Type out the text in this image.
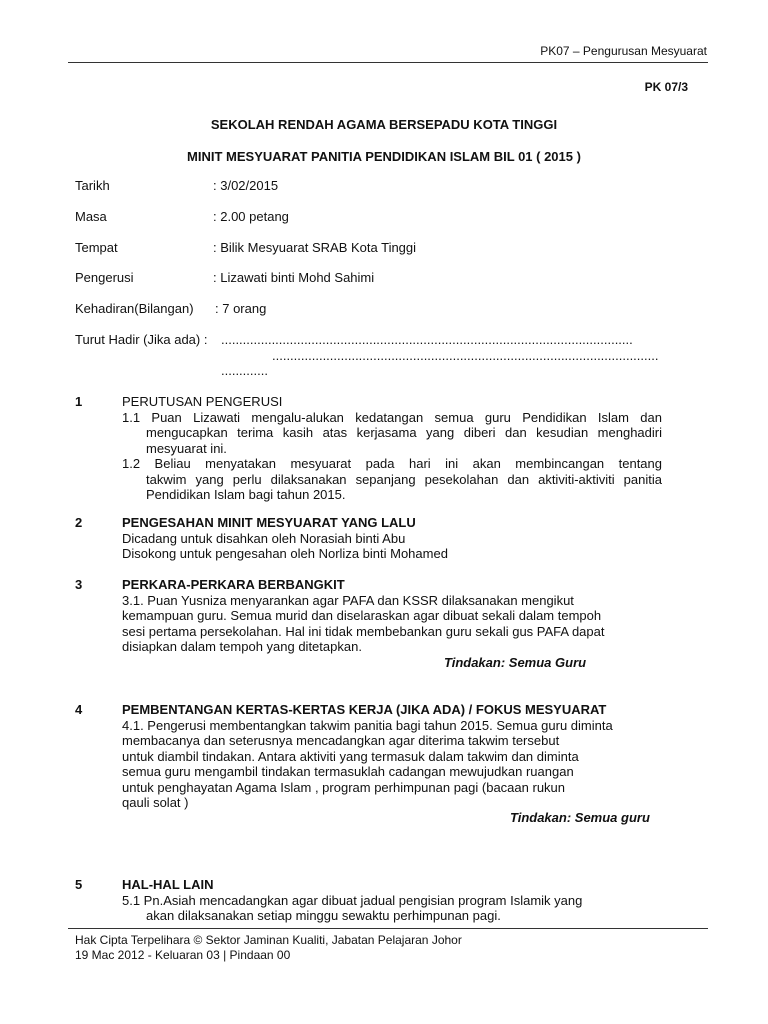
PK07 – Pengurusan Mesyuarat
PK 07/3
SEKOLAH RENDAH AGAMA BERSEPADU KOTA TINGGI
MINIT MESYUARAT PANITIA PENDIDIKAN ISLAM BIL 01 ( 2015 )
Tarikh	: 3/02/2015
Masa	: 2.00 petang
Tempat	: Bilik Mesyuarat SRAB Kota Tinggi
Pengerusi	: Lizawati binti Mohd Sahimi
Kehadiran(Bilangan) : 7 orang
Turut Hadir (Jika ada) : ..................................................................................................................
...........................................................................................................
.............
1	PERUTUSAN PENGERUSI
1.1 Puan Lizawati mengalu-alukan kedatangan semua guru Pendidikan Islam dan
mengucapkan terima kasih atas kerjasama yang diberi dan kesudian menghadiri
mesyuarat ini.
1.2 Beliau menyatakan mesyuarat pada hari ini akan membincangan tentang
takwim yang perlu dilaksanakan sepanjang pesekolahan dan aktiviti-aktiviti panitia
Pendidikan Islam bagi tahun 2015.
2	PENGESAHAN MINIT MESYUARAT YANG LALU
Dicadang untuk disahkan oleh Norasiah binti Abu
Disokong untuk pengesahan oleh Norliza binti Mohamed
3	PERKARA-PERKARA BERBANGKIT
3.1. Puan Yusniza menyarankan agar PAFA dan KSSR dilaksanakan mengikut
kemampuan guru. Semua murid dan diselaraskan agar dibuat sekali dalam tempoh
sesi pertama persekolahan. Hal ini tidak membebankan guru sekali gus PAFA dapat
disiapkan dalam tempoh yang ditetapkan.
Tindakan: Semua Guru
4	PEMBENTANGAN KERTAS-KERTAS KERJA (JIKA ADA) / FOKUS MESYUARAT
4.1. Pengerusi membentangkan takwim panitia bagi tahun 2015. Semua guru diminta
membacanya dan seterusnya mencadangkan agar diterima takwim tersebut
untuk diambil tindakan. Antara aktiviti yang termasuk dalam takwim dan diminta
semua guru mengambil tindakan termasuklah cadangan mewujudkan ruangan
untuk penghayatan Agama Islam , program perhimpunan pagi (bacaan rukun
qauli solat )
Tindakan: Semua guru
5	HAL-HAL LAIN
5.1 Pn.Asiah mencadangkan agar dibuat jadual pengisian program Islamik yang
akan dilaksanakan setiap minggu sewaktu perhimpunan pagi.
Hak Cipta Terpelihara © Sektor Jaminan Kualiti, Jabatan Pelajaran Johor
19 Mac 2012 - Keluaran 03 | Pindaan 00
